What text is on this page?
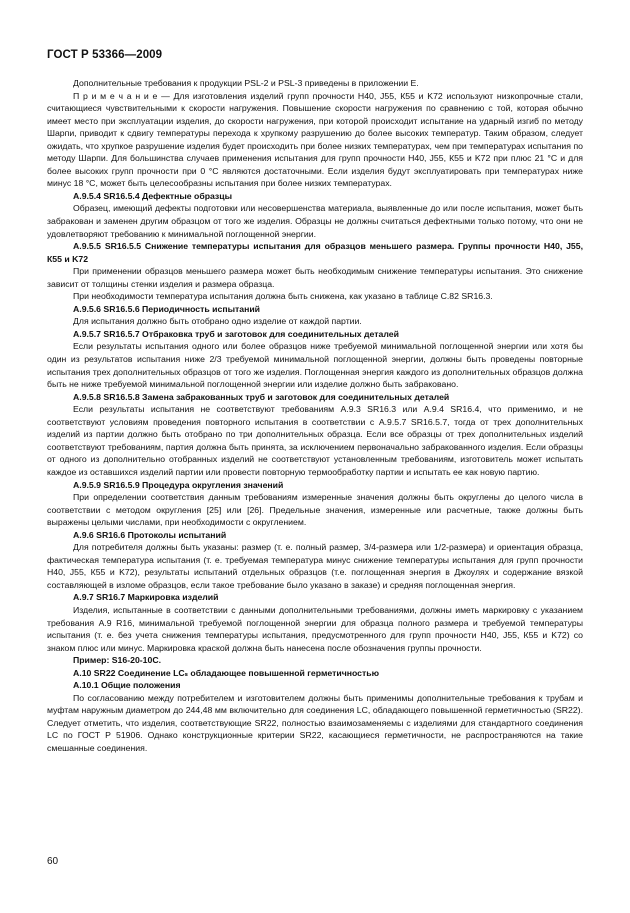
ГОСТ Р 53366—2009

Дополнительные требования к продукции PSL-2 и PSL-3 приведены в приложении Е.

П р и м е ч а н и е — Для изготовления изделий групп прочности Н40, J55, К55 и K72 используют низкопрочные стали, считающиеся чувствительными к скорости нагружения. Повышение скорости нагружения по сравнению с той, которая обычно имеет место при эксплуатации изделия, до скорости нагружения, при которой происходит испытание на ударный изгиб по методу Шарпи, приводит к сдвигу температуры перехода к хрупкому разрушению до более высоких температур. Таким образом, следует ожидать, что хрупкое разрушение изделия будет происходить при более низких температурах, чем при температурах испытания по методу Шарпи. Для большинства случаев применения испытания для групп прочности Н40, J55, К55 и K72 при плюс 21 °С и для более высоких групп прочности при 0 °С являются достаточными. Если изделия будут эксплуатировать при температурах ниже минус 18 °С, может быть целесообразны испытания при более низких температурах.

А.9.5.4 SR16.5.4 Дефектные образцы

Образец, имеющий дефекты подготовки или несовершенства материала, выявленные до или после испытания, может быть забракован и заменен другим образцом от того же изделия. Образцы не должны считаться дефектными только потому, что они не удовлетворяют требованию к минимальной поглощенной энергии.

А.9.5.5 SR16.5.5 Снижение температуры испытания для образцов меньшего размера. Группы прочности Н40, J55, К55 и K72

При применении образцов меньшего размера может быть необходимым снижение температуры испытания. Это снижение зависит от толщины стенки изделия и размера образца.

При необходимости температура испытания должна быть снижена, как указано в таблице С.82 SR16.3.

А.9.5.6 SR16.5.6 Периодичность испытаний

Для испытания должно быть отобрано одно изделие от каждой партии.

А.9.5.7 SR16.5.7 Отбраковка труб и заготовок для соединительных деталей

Если результаты испытания одного или более образцов ниже требуемой минимальной поглощенной энергии или хотя бы один из результатов испытания ниже 2/3 требуемой минимальной поглощенной энергии, должны быть проведены повторные испытания трех дополнительных образцов от того же изделия. Поглощенная энергия каждого из дополнительных образцов должна быть не ниже требуемой минимальной поглощенной энергии или изделие должно быть забраковано.

А.9.5.8 SR16.5.8 Замена забракованных труб и заготовок для соединительных деталей

Если результаты испытания не соответствуют требованиям А.9.3 SR16.3 или А.9.4 SR16.4, что применимо, и не соответствуют условиям проведения повторного испытания в соответствии с А.9.5.7 SR16.5.7, тогда от трех дополнительных изделий из партии должно быть отобрано по три дополнительных образца. Если все образцы от трех дополнительных изделий соответствуют требованиям, партия должна быть принята, за исключением первоначально забракованного изделия. Если образцы от одного из дополнительно отобранных изделий не соответствуют установленным требованиям, изготовитель может испытать каждое из оставшихся изделий партии или провести повторную термообработку партии и испытать ее как новую партию.

А.9.5.9 SR16.5.9 Процедура округления значений

При определении соответствия данным требованиям измеренные значения должны быть округлены до целого числа в соответствии с методом округления [25] или [26]. Предельные значения, измеренные или расчетные, также должны быть выражены целыми числами, при необходимости с округлением.

А.9.6 SR16.6 Протоколы испытаний

Для потребителя должны быть указаны: размер (т. е. полный размер, 3/4-размера или 1/2-размера) и ориентация образца, фактическая температура испытания (т. е. требуемая температура минус снижение температуры испытания для групп прочности Н40, J55, К55 и K72), результаты испытаний отдельных образцов (т.е. поглощенная энергия в Джоулях и содержание вязкой составляющей в изломе образцов, если такое требование было указано в заказе) и средняя поглощенная энергия.

А.9.7 SR16.7 Маркировка изделий

Изделия, испытанные в соответствии с данными дополнительными требованиями, должны иметь маркировку с указанием требования А.9 R16, минимальной требуемой поглощенной энергии для образца полного размера и требуемой температуры испытания (т. е. без учета снижения температуры испытания, предусмотренного для групп прочности Н40, J55, К55 и K72) со знаком плюс или минус. Маркировка краской должна быть нанесена после обозначения группы прочности.

Пример: S16-20-10С.

А.10 SR22 Соединение LCₛ обладающее повышенной герметичностью

А.10.1 Общие положения

По согласованию между потребителем и изготовителем должны быть применимы дополнительные требования к трубам и муфтам наружным диаметром до 244,48 мм включительно для соединения LC, обладающего повышенной герметичностью (SR22). Следует отметить, что изделия, соответствующие SR22, полностью взаимозаменяемы с изделиями для стандартного соединения LC по ГОСТ Р 51906. Однако конструкционные критерии SR22, касающиеся герметичности, не распространяются на такие смешанные соединения.

60
